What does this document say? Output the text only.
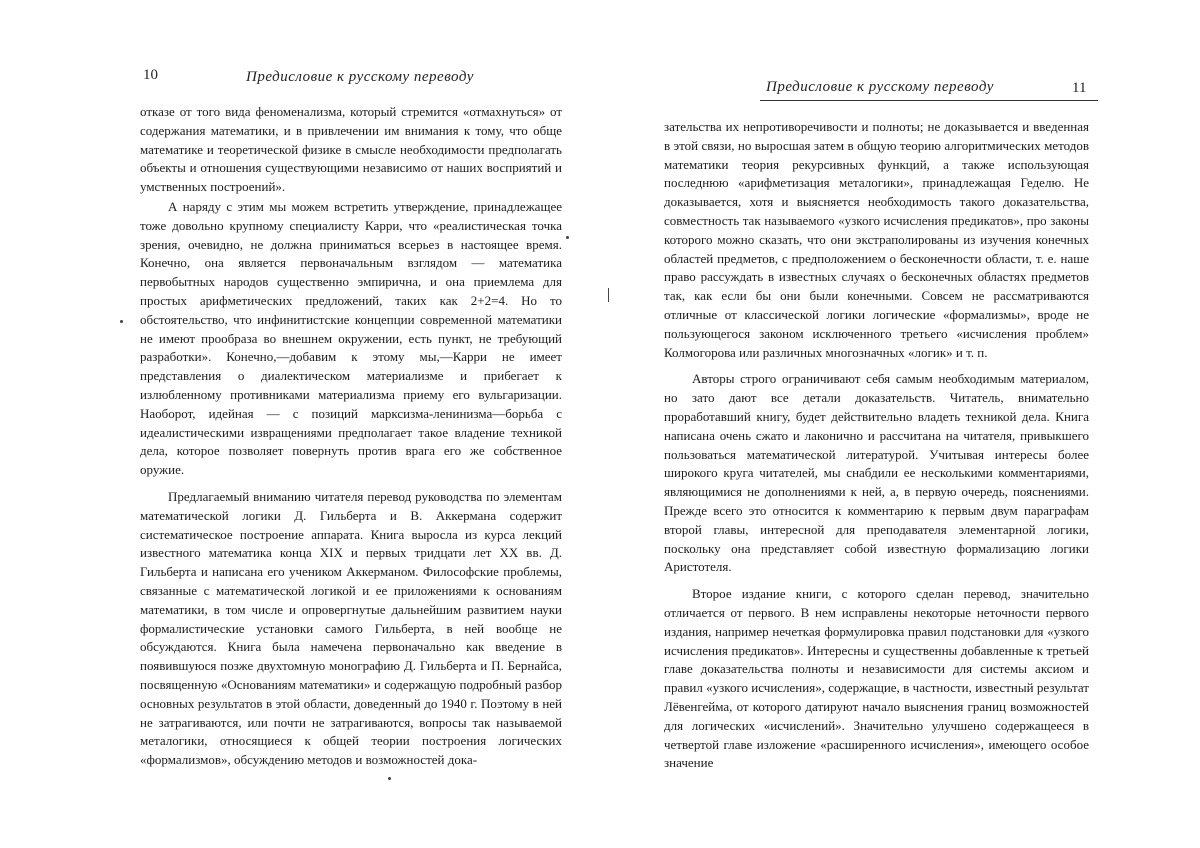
10	Предисловие к русскому переводу

отказе от того вида феноменализма, который стремится «отмахнуться» от содержания математики, и в привлечении им внимания к тому, что обще математике и теоретической физике в смысле необходимости предполагать объекты и отношения существующими независимо от наших восприятий и умственных построений».

А наряду с этим мы можем встретить утверждение, принадлежащее тоже довольно крупному специалисту Карри, что «реалистическая точка зрения, очевидно, не должна приниматься всерьез в настоящее время. Конечно, она является первоначальным взглядом — математика первобытных народов существенно эмпирична, и она приемлема для простых арифметических предложений, таких как 2+2=4. Но то обстоятельство, что инфинитистские концепции современной математики не имеют прообраза во внешнем окружении, есть пункт, не требующий разработки». Конечно,—добавим к этому мы,—Карри не имеет представления о диалектическом материализме и прибегает к излюбленному противниками материализма приему его вульгаризации. Наоборот, идейная — с позиций марксизма-ленинизма—борьба с идеалистическими извращениями предполагает такое владение техникой дела, которое позволяет повернуть против врага его же собственное оружие.

Предлагаемый вниманию читателя перевод руководства по элементам математической логики Д. Гильберта и В. Аккермана содержит систематическое построение аппарата. Книга выросла из курса лекций известного математика конца XIX и первых тридцати лет XX вв. Д. Гильберта и написана его учеником Аккерманом. Философские проблемы, связанные с математической логикой и ее приложениями к основаниям математики, в том числе и опровергнутые дальнейшим развитием науки формалистические установки самого Гильберта, в ней вообще не обсуждаются. Книга была намечена первоначально как введение в появившуюся позже двухтомную монографию Д. Гильберта и П. Бернайса, посвященную «Основаниям математики» и содержащую подробный разбор основных результатов в этой области, доведенный до 1940 г. Поэтому в ней не затрагиваются, или почти не затрагиваются, вопросы так называемой металогики, относящиеся к общей теории построения логических «формализмов», обсуждению методов и возможностей дока-

Предисловие к русскому переводу	11

зательства их непротиворечивости и полноты; не доказывается и введенная в этой связи, но выросшая затем в общую теорию алгоритмических методов математики теория рекурсивных функций, а также использующая последнюю «арифметизация металогики», принадлежащая Геделю. Не доказывается, хотя и выясняется необходимость такого доказательства, совместность так называемого «узкого исчисления предикатов», про законы которого можно сказать, что они экстраполированы из изучения конечных областей предметов, с предположением о бесконечности области, т. е. наше право рассуждать в известных случаях о бесконечных областях предметов так, как если бы они были конечными. Совсем не рассматриваются отличные от классической логики логические «формализмы», вроде не пользующегося законом исключенного третьего «исчисления проблем» Колмогорова или различных многозначных «логик» и т. п.

Авторы строго ограничивают себя самым необходимым материалом, но зато дают все детали доказательств. Читатель, внимательно проработавший книгу, будет действительно владеть техникой дела. Книга написана очень сжато и лаконично и рассчитана на читателя, привыкшего пользоваться математической литературой. Учитывая интересы более широкого круга читателей, мы снабдили ее несколькими комментариями, являющимися не дополнениями к ней, а, в первую очередь, пояснениями. Прежде всего это относится к комментарию к первым двум параграфам второй главы, интересной для преподавателя элементарной логики, поскольку она представляет собой известную формализацию логики Аристотеля.

Второе издание книги, с которого сделан перевод, значительно отличается от первого. В нем исправлены некоторые неточности первого издания, например нечеткая формулировка правил подстановки для «узкого исчисления предикатов». Интересны и существенны добавленные к третьей главе доказательства полноты и независимости для системы аксиом и правил «узкого исчисления», содержащие, в частности, известный результат Лёвенгейма, от которого датируют начало выяснения границ возможностей для логических «исчислений». Значительно улучшено содержащееся в четвертой главе изложение «расширенного исчисления», имеющего особое значение
